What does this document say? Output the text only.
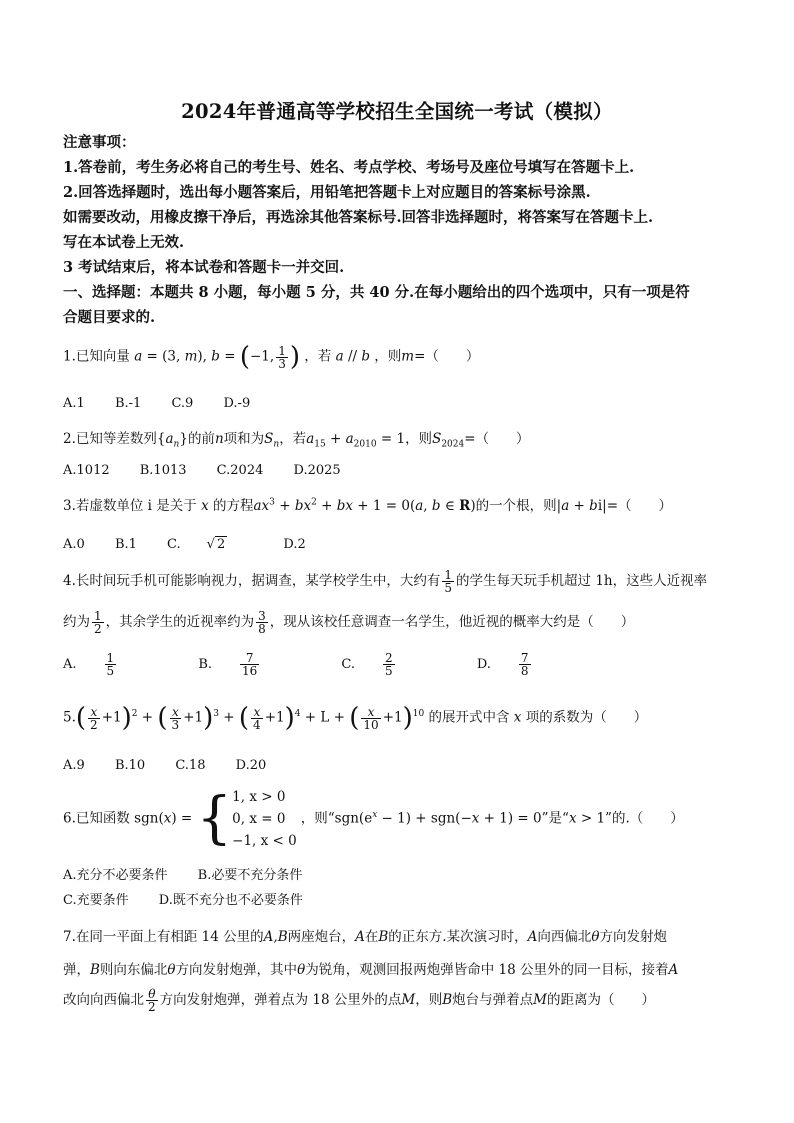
2024年普通高等学校招生全国统一考试（模拟）
注意事项：
1.答卷前，考生务必将自己的考生号、姓名、考点学校、考场号及座位号填写在答题卡上.
2.回答选择题时，选出每小题答案后，用铅笔把答题卡上对应题目的答案标号涂黑.
如需要改动，用橡皮擦干净后，再选涂其他答案标号.回答非选择题时，将答案写在答题卡上.
写在本试卷上无效.
3 考试结束后，将本试卷和答题卡一并交回.
一、选择题：本题共 8 小题，每小题 5 分，共 40 分.在每小题给出的四个选项中，只有一项是符
合题目要求的.
1.已知向量 a = (3, m), b = (−1, $\frac{1}{3}$ ) ，若 a // b ，则m=（　　）
A.1 B.-1 C.9 D.-9
2.已知等差数列$\{a_n\}$的前n项和为$S_n$，若$a_{15} + a_{2010} = 1$，则$S_{2024}=$（　　）
A.1012 B.1013 C.2024 D.2025
3.若虚数单位 i 是关于 x 的方程$ax^3 + bx^2$ + bx + 1 = 0(a, b ∈ R)的一个根，则|a + bi|=（　　）
A.0 B.1 C. √ 2	D.2
4.长时间玩手机可能影响视力，据调查，某学校学生中，大约有 $\frac{1}{5}$ 的学生每天玩手机超过 1h，这些人近视率
约为 $\frac{1}{2}$ ，其余学生的近视率约为 $\frac{3}{8}$ ，现从该校任意调查一名学生，他近视的概率大约是（　　）
A. $\frac{1}{5}$	B. $\frac{7}{16}$	C. $\frac{2}{5}$	D. $\frac{7}{8}$
$5.( \frac{x}{2} +1)^2$ + ( $\frac{x}{3} +1)^3$ + ( $\frac{x}{4} +1)^4 + L$ + ( $\frac{x}{10} +1)^{10}$ 的展开式中含 x 项的系数为（　　）
A.9 B.10 C.18 D.20
6.已知函数 sgn(x) = { 1, x > 0
0, x = 0
−1, x < 0
，则“$sgn(e^x - 1) + sgn(-x + 1) = 0$”是“x > 1”的.（　　）
A.充分不必要条件 B.必要不充分条件
C.充要条件 D.既不充分也不必要条件
7.在同一平面上有相距 14 公里的A,B两座炮台，A在B的正东方.某次演习时，A向西偏北θ方向发射炮
弹，B则向东偏北θ方向发射炮弹，其中θ为锐角，观测回报两炮弹皆命中 18 公里外的同一目标，接着A
改向向西偏北 $\frac{\theta}{2}$ 方向发射炮弹，弹着点为 18 公里外的点M，则B炮台与弹着点M的距离为（　　）
